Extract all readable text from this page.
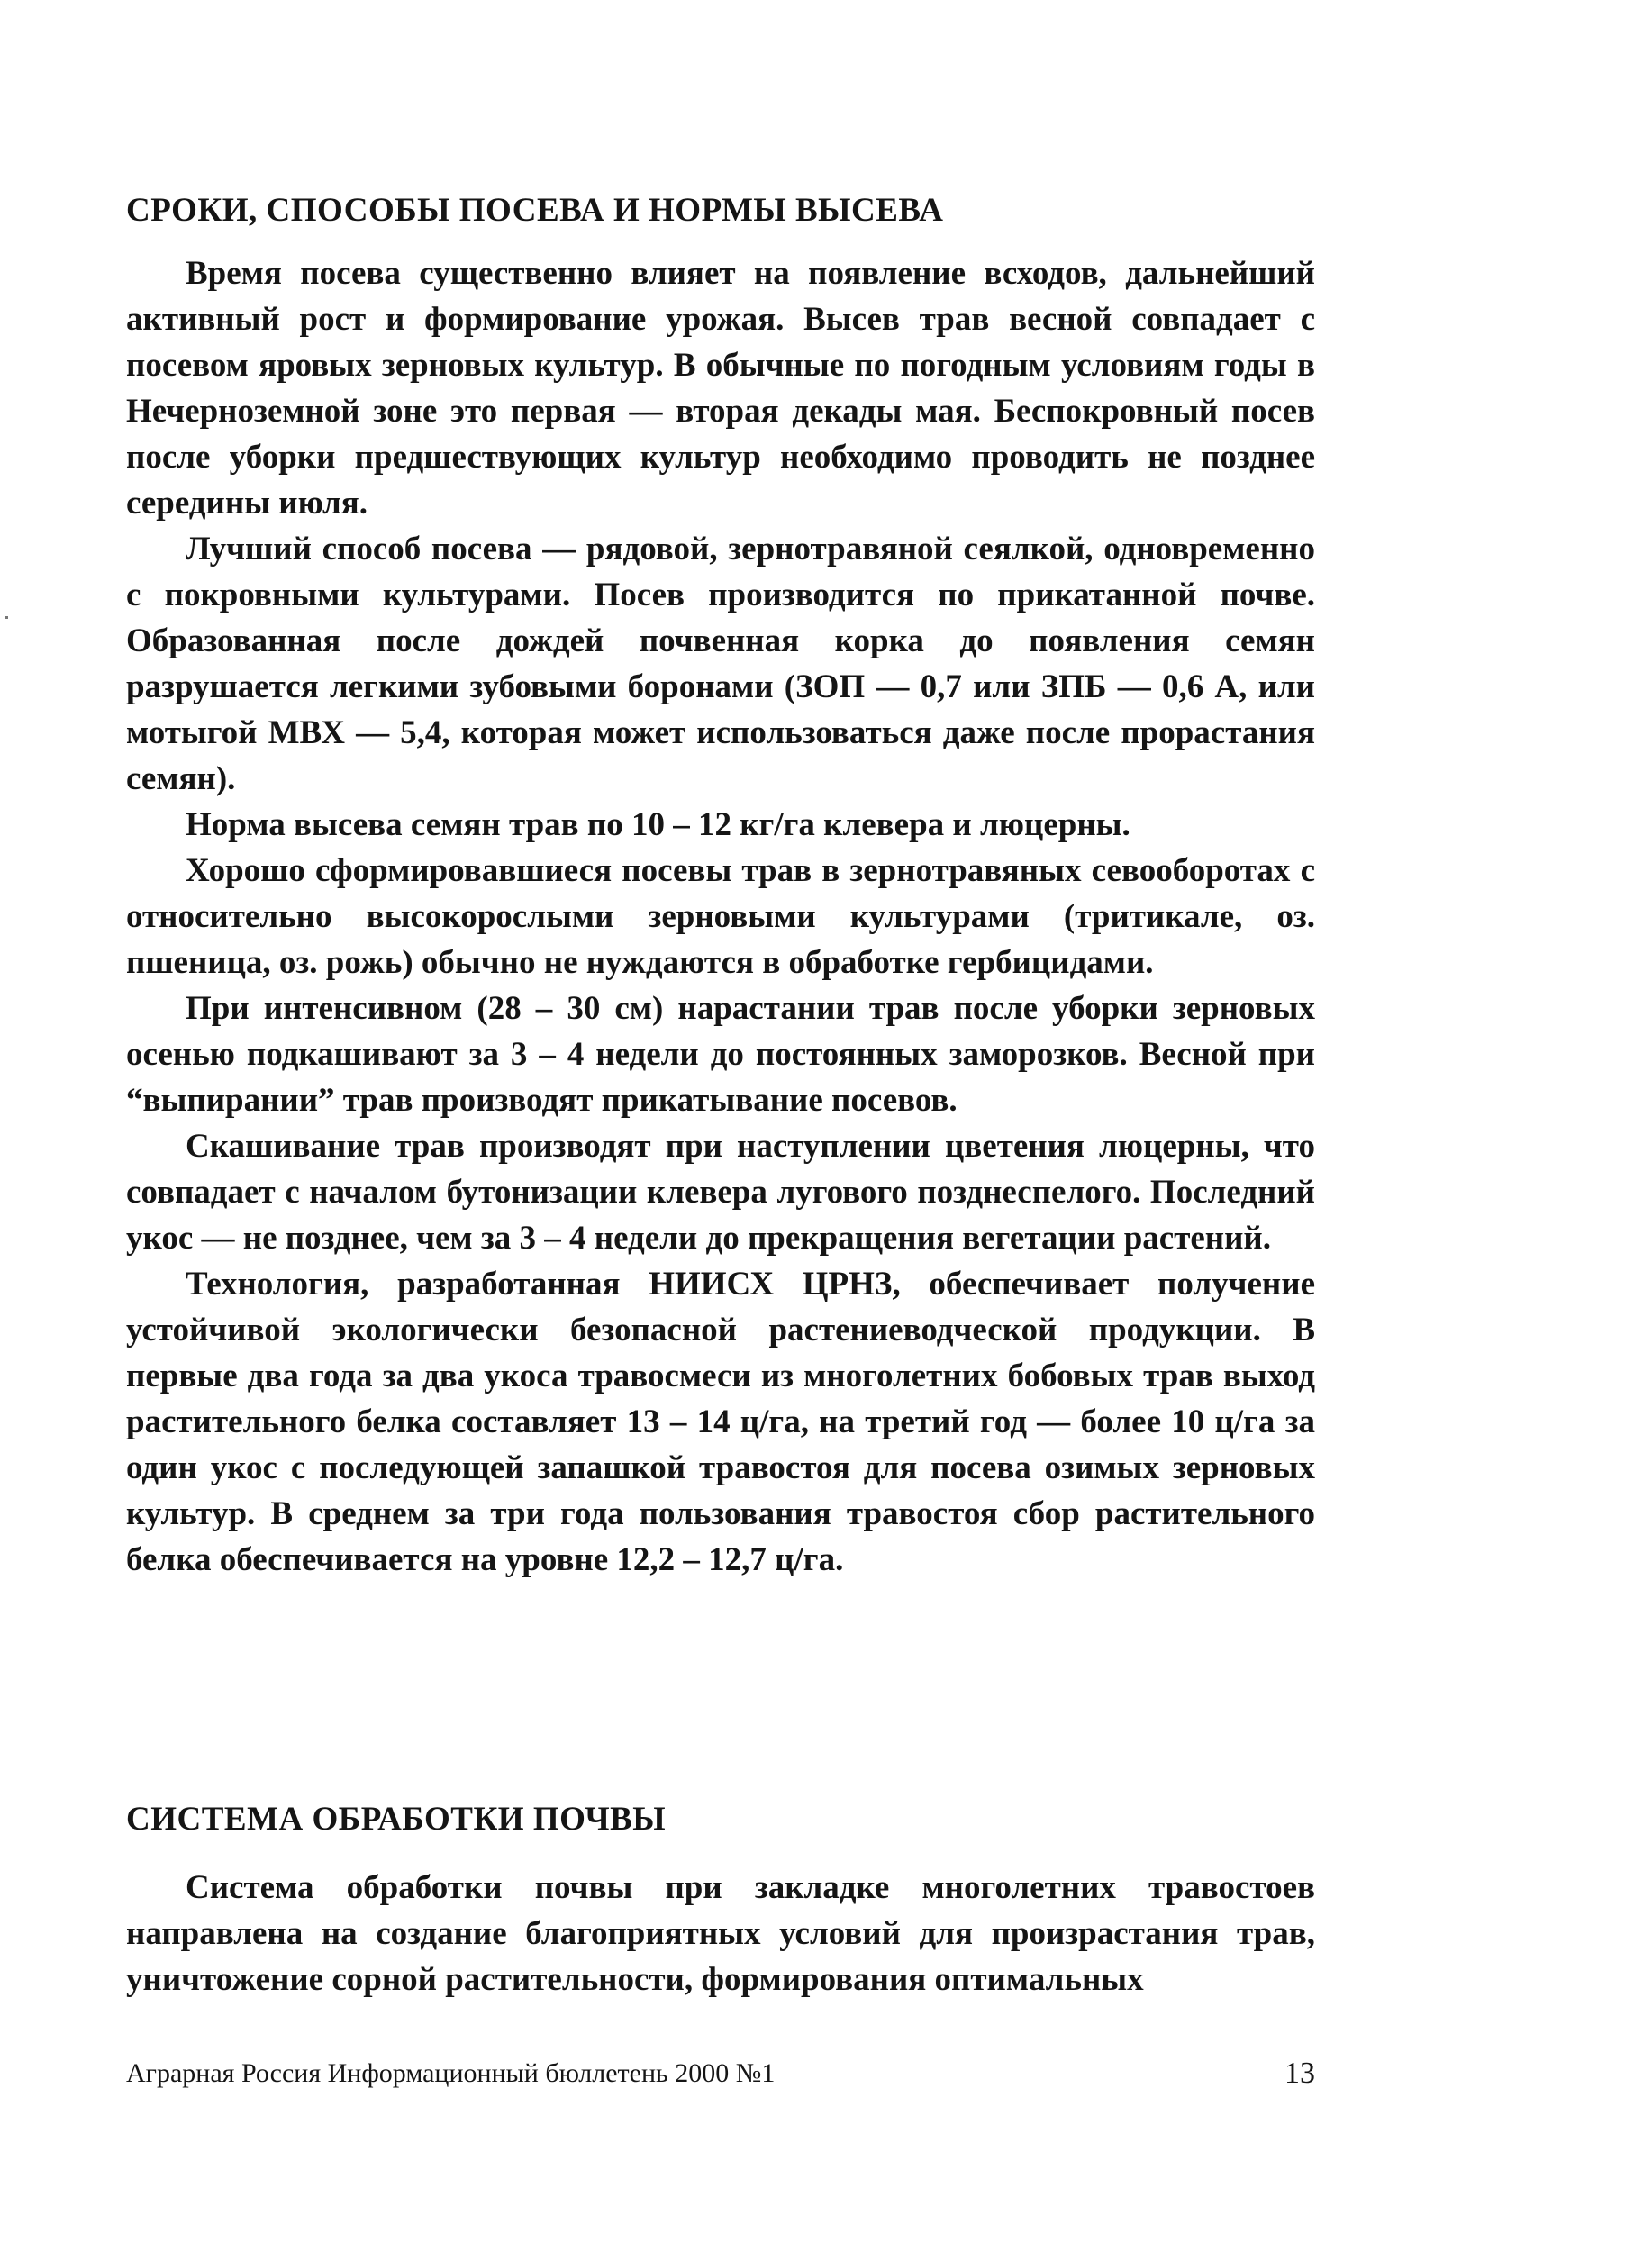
СРОКИ, СПОСОБЫ ПОСЕВА И НОРМЫ ВЫСЕВА

Время посева существенно влияет на появление всходов, дальнейший активный рост и формирование урожая. Высев трав весной совпадает с посевом яровых зерновых культур. В обычные по погодным условиям годы в Нечерноземной зоне это первая — вторая декады мая. Беспокровный посев после уборки предшествующих культур необходимо проводить не позднее середины июля.

Лучший способ посева — рядовой, зернотравяной сеялкой, одновременно с покровными культурами. Посев производится по прикатанной почве. Образованная после дождей почвенная корка до появления семян разрушается легкими зубовыми боронами (ЗОП — 0,7 или ЗПБ — 0,6 А, или мотыгой МВХ — 5,4, которая может использоваться даже после прорастания семян).

Норма высева семян трав по 10 – 12 кг/га клевера и люцерны.

Хорошо сформировавшиеся посевы трав в зернотравяных севооборотах с относительно высокорослыми зерновыми культурами (тритикале, оз. пшеница, оз. рожь) обычно не нуждаются в обработке гербицидами.

При интенсивном (28 – 30 см) нарастании трав после уборки зерновых осенью подкашивают за 3 – 4 недели до постоянных заморозков. Весной при “выпирании” трав производят прикатывание посевов.

Скашивание трав производят при наступлении цветения люцерны, что совпадает с началом бутонизации клевера лугового позднеспелого. Последний укос — не позднее, чем за 3 – 4 недели до прекращения вегетации растений.

Технология, разработанная НИИСХ ЦРНЗ, обеспечивает получение устойчивой экологически безопасной растениеводческой продукции. В первые два года за два укоса травосмеси из многолетних бобовых трав выход растительного белка составляет 13 – 14 ц/га, на третий год — более 10 ц/га за один укос с последующей запашкой травостоя для посева озимых зерновых культур. В среднем за три года пользования травостоя сбор растительного белка обеспечивается на уровне 12,2 – 12,7 ц/га.

СИСТЕМА ОБРАБОТКИ ПОЧВЫ

Система обработки почвы при закладке многолетних травостоев направлена на создание благоприятных условий для произрастания трав, уничтожение сорной растительности, формирования оптимальных

Аграрная Россия Информационный бюллетень 2000 №1	13
